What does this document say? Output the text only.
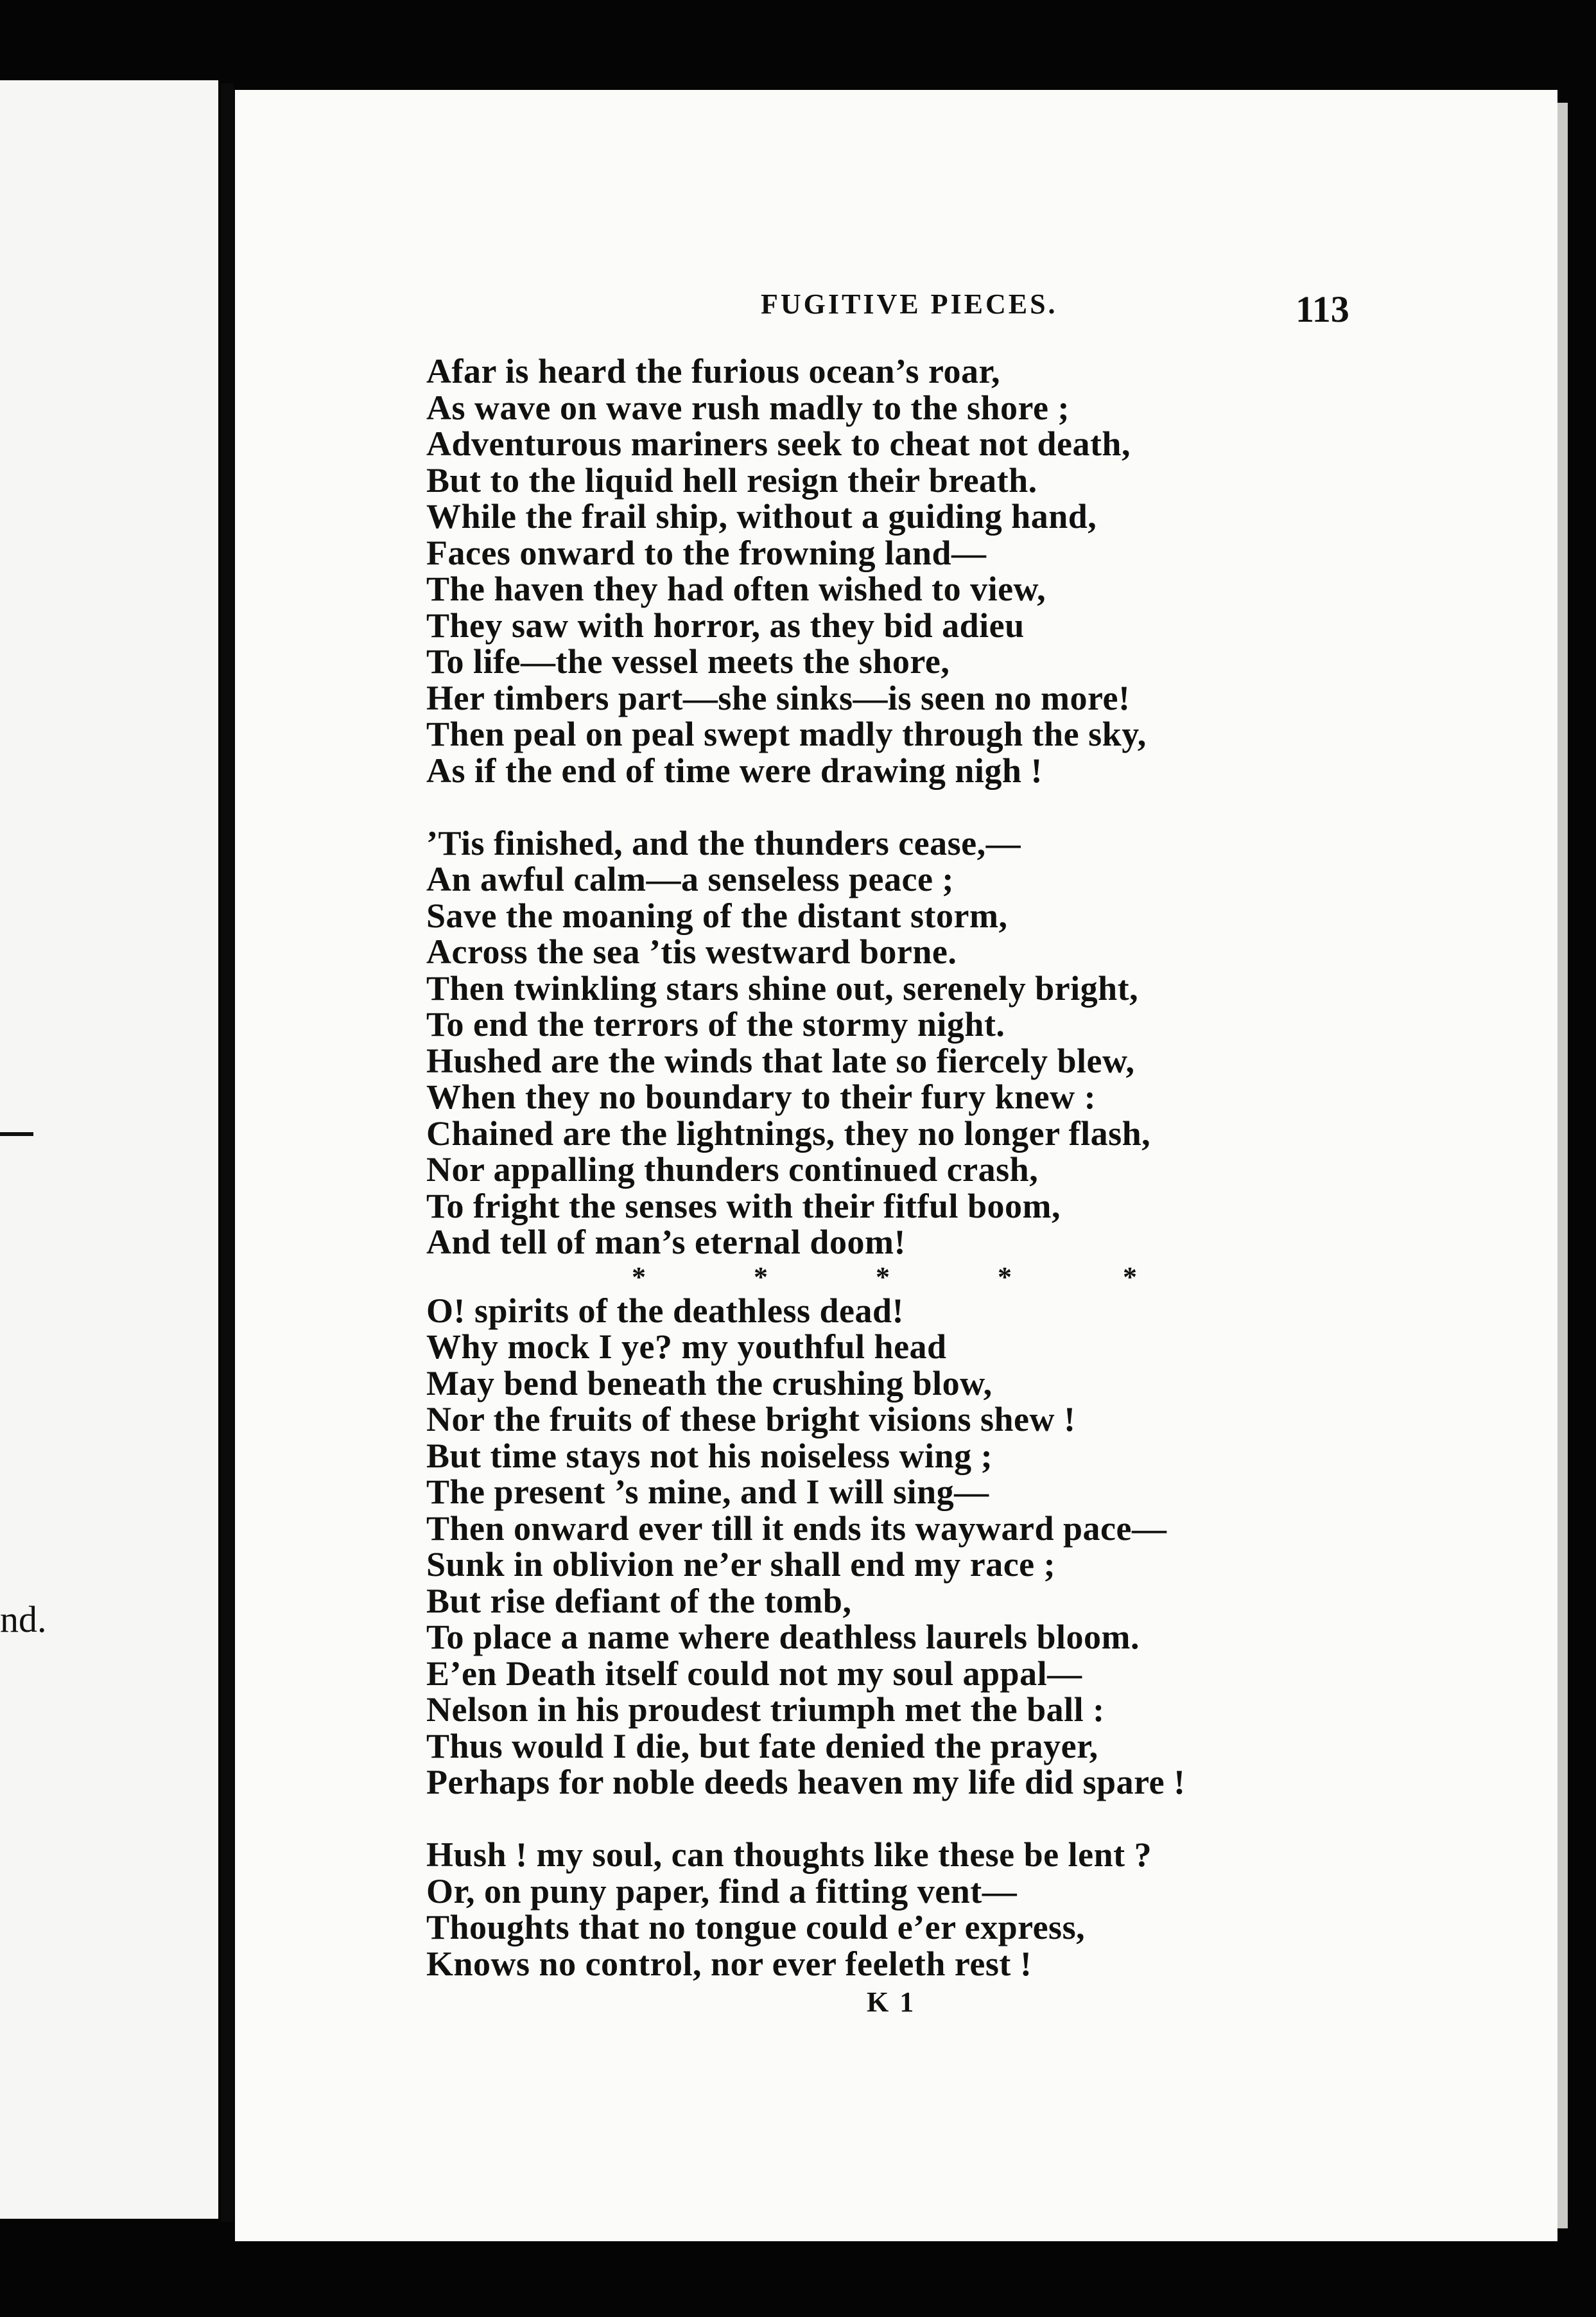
nd.
FUGITIVE PIECES.	113
Afar is heard the furious ocean’s roar,
As wave on wave rush madly to the shore ;
Adventurous mariners seek to cheat not death,
But to the liquid hell resign their breath.
While the frail ship, without a guiding hand,
Faces onward to the frowning land—
The haven they had often wished to view,
They saw with horror, as they bid adieu
To life—the vessel meets the shore,
Her timbers part—she sinks—is seen no more!
Then peal on peal swept madly through the sky,
As if the end of time were drawing nigh !
’Tis finished, and the thunders cease,—
An awful calm—a senseless peace ;
Save the moaning of the distant storm,
Across the sea ’tis westward borne.
Then twinkling stars shine out, serenely bright,
To end the terrors of the stormy night.
Hushed are the winds that late so fiercely blew,
When they no boundary to their fury knew :
Chained are the lightnings, they no longer flash,
Nor appalling thunders continued crash,
To fright the senses with their fitful boom,
And tell of man’s eternal doom!
*	*	*	*	*
O! spirits of the deathless dead!
Why mock I ye? my youthful head
May bend beneath the crushing blow,
Nor the fruits of these bright visions shew !
But time stays not his noiseless wing ;
The present ’s mine, and I will sing—
Then onward ever till it ends its wayward pace—
Sunk in oblivion ne’er shall end my race ;
But rise defiant of the tomb,
To place a name where deathless laurels bloom.
E’en Death itself could not my soul appal—
Nelson in his proudest triumph met the ball :
Thus would I die, but fate denied the prayer,
Perhaps for noble deeds heaven my life did spare !
Hush ! my soul, can thoughts like these be lent ?
Or, on puny paper, find a fitting vent—
Thoughts that no tongue could e’er express,
Knows no control, nor ever feeleth rest !
K 1
